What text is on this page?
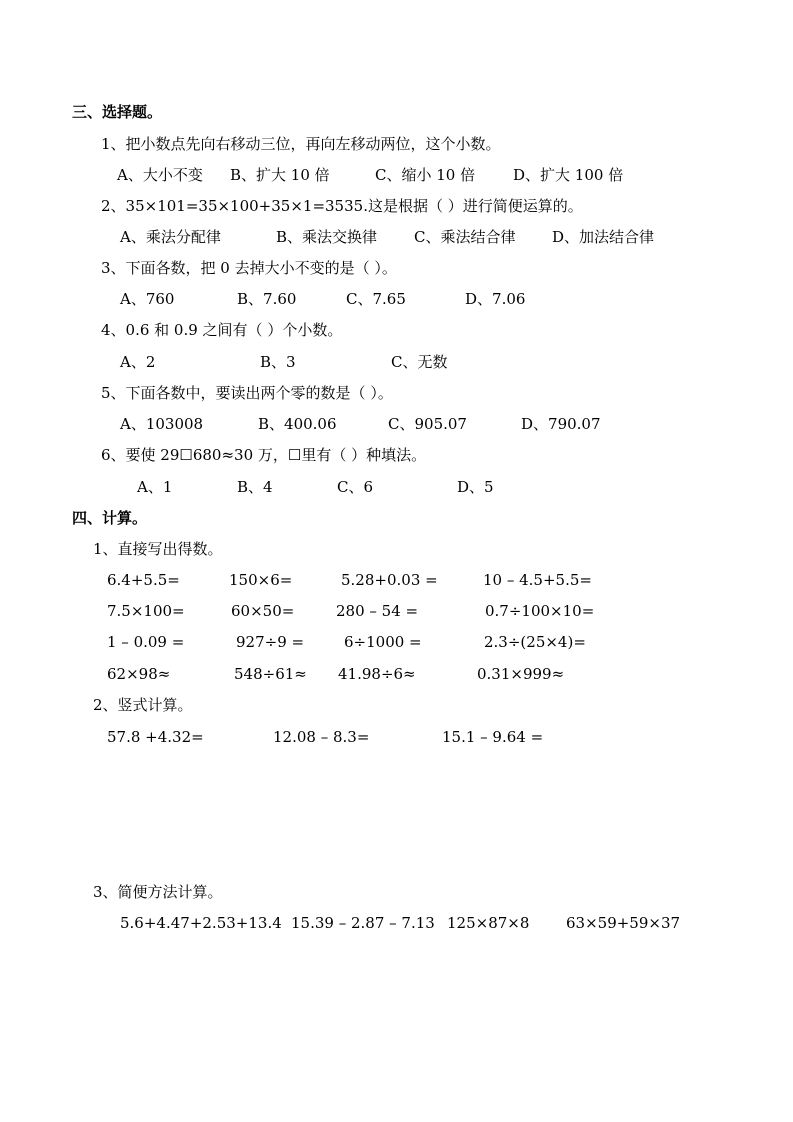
三、选择题。
1、把小数点先向右移动三位，再向左移动两位，这个小数。
A、大小不变 B、扩大 10 倍	C、缩小 10 倍	D、扩大 100 倍
2、35×101=35×100+35×1=3535.这是根据（ ）进行简便运算的。
A、乘法分配律	B、乘法交换律 C、乘法结合律 D、加法结合律
3、下面各数，把 0 去掉大小不变的是（ ）。
A、760	B、7.60	C、7.65	D、7.06
4、0.6 和 0.9 之间有（ ）个小数。
A、2	B、3	C、无数
5、下面各数中，要读出两个零的数是（ ）。
A、103008	B、400.06	C、905.07	D、790.07
6、要使 29☐680≈30 万，☐里有（ ）种填法。
A、1	B、4	C、6	D、5
四、计算。
1、直接写出得数。
6.4+5.5=	150×6=	5.28+0.03 =	10 – 4.5+5.5=
7.5×100=	60×50=	280 – 54 =	0.7÷100×10=
1 – 0.09 =	927÷9 =	6÷1000 =	2.3÷(25×4)=
62×98≈	548÷61≈ 41.98÷6≈	0.31×999≈
2、竖式计算。
57.8 +4.32=	12.08 – 8.3=	15.1 – 9.64 =
3、简便方法计算。
5.6+4.47+2.53+13.4 15.39 – 2.87 – 7.13 125×87×8 63×59+59×37
